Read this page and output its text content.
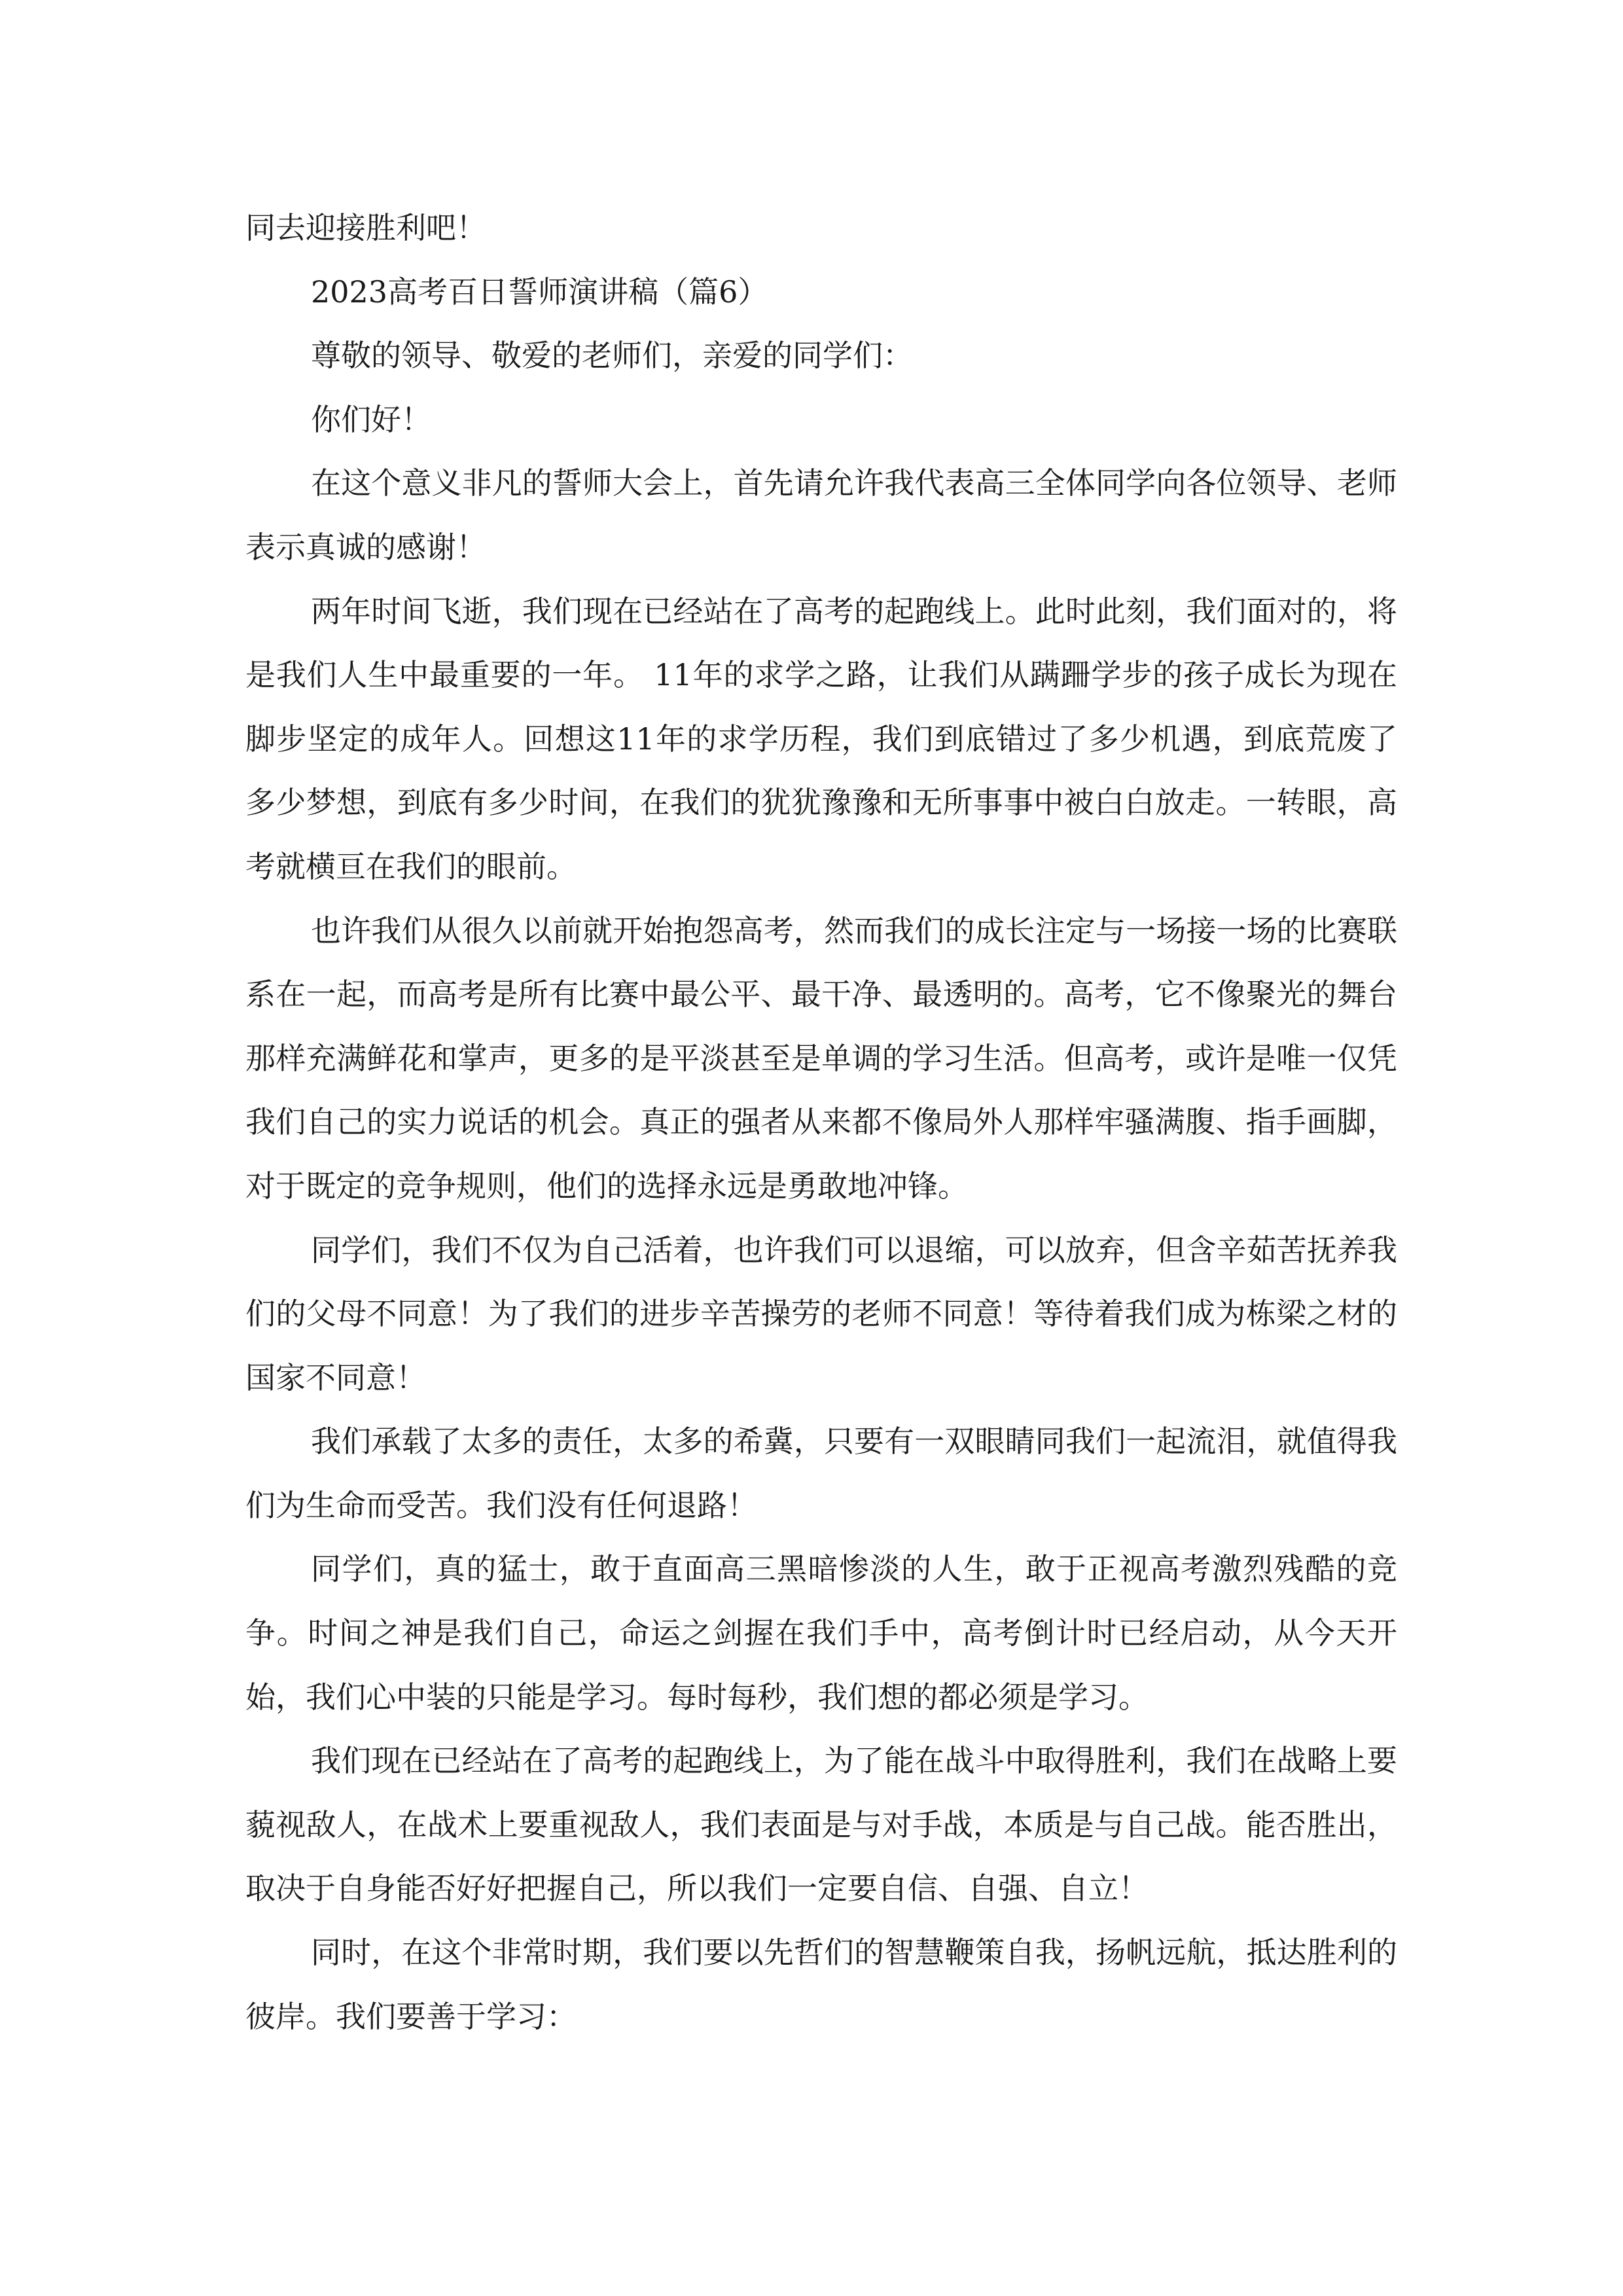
同去迎接胜利吧！

2023高考百日誓师演讲稿（篇6）

尊敬的领导、敬爱的老师们，亲爱的同学们：

你们好！

在这个意义非凡的誓师大会上，首先请允许我代表高三全体同学向各位领导、老师表示真诚的感谢！

两年时间飞逝，我们现在已经站在了高考的起跑线上。此时此刻，我们面对的，将是我们人生中最重要的一年。 11年的求学之路，让我们从蹒跚学步的孩子成长为现在脚步坚定的成年人。回想这11年的求学历程，我们到底错过了多少机遇，到底荒废了多少梦想，到底有多少时间，在我们的犹犹豫豫和无所事事中被白白放走。一转眼，高考就横亘在我们的眼前。

也许我们从很久以前就开始抱怨高考，然而我们的成长注定与一场接一场的比赛联系在一起，而高考是所有比赛中最公平、最干净、最透明的。高考，它不像聚光的舞台那样充满鲜花和掌声，更多的是平淡甚至是单调的学习生活。但高考，或许是唯一仅凭我们自己的实力说话的机会。真正的强者从来都不像局外人那样牢骚满腹、指手画脚，对于既定的竞争规则，他们的选择永远是勇敢地冲锋。

同学们，我们不仅为自己活着，也许我们可以退缩，可以放弃，但含辛茹苦抚养我们的父母不同意！为了我们的进步辛苦操劳的老师不同意！等待着我们成为栋梁之材的国家不同意！

我们承载了太多的责任，太多的希冀，只要有一双眼睛同我们一起流泪，就值得我们为生命而受苦。我们没有任何退路！

同学们，真的猛士，敢于直面高三黑暗惨淡的人生，敢于正视高考激烈残酷的竞争。时间之神是我们自己，命运之剑握在我们手中，高考倒计时已经启动，从今天开始，我们心中装的只能是学习。每时每秒，我们想的都必须是学习。

我们现在已经站在了高考的起跑线上，为了能在战斗中取得胜利，我们在战略上要藐视敌人，在战术上要重视敌人，我们表面是与对手战，本质是与自己战。能否胜出，取决于自身能否好好把握自己，所以我们一定要自信、自强、自立！

同时，在这个非常时期，我们要以先哲们的智慧鞭策自我，扬帆远航，抵达胜利的彼岸。我们要善于学习：
